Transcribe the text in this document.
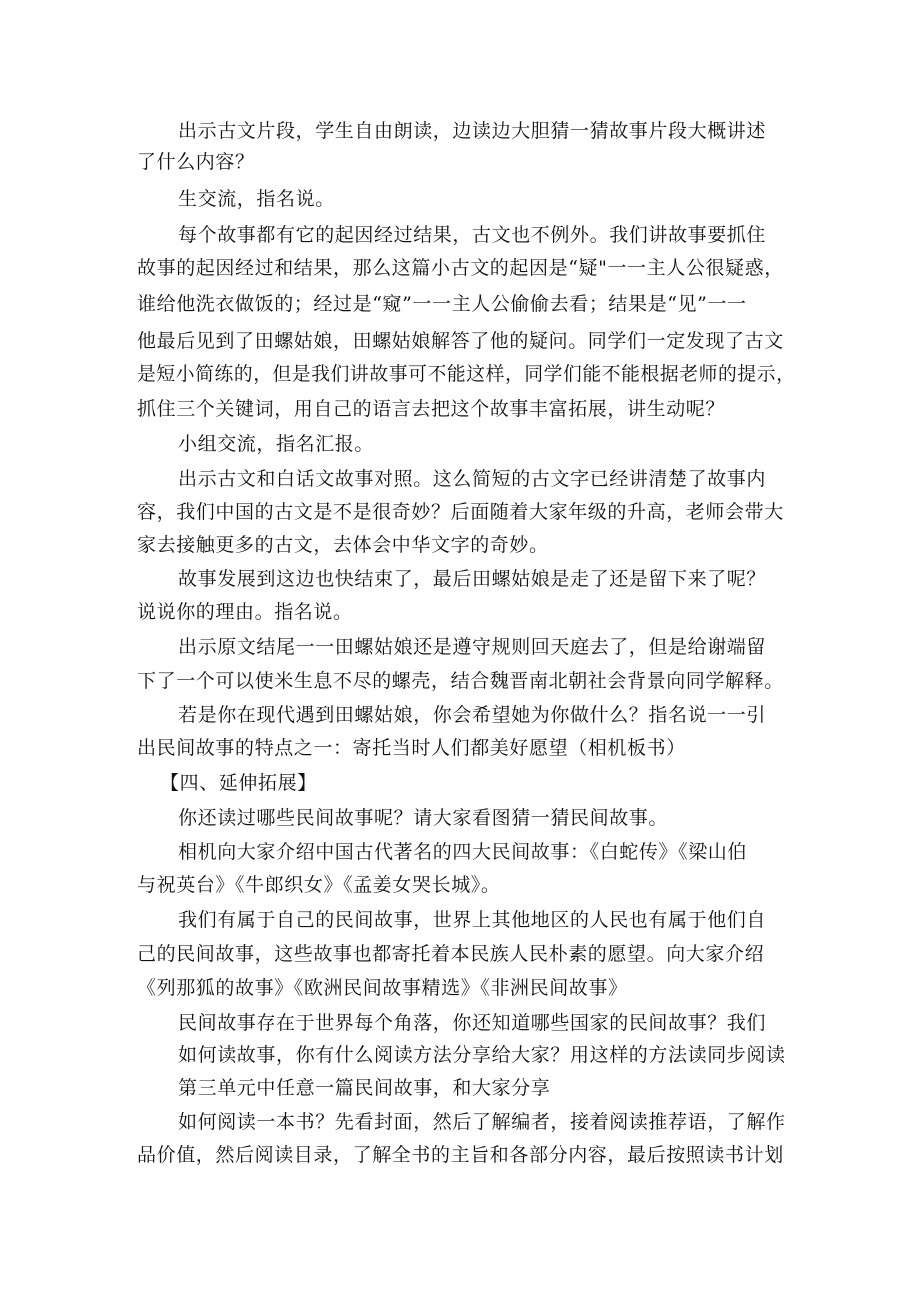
出示古文片段，学生自由朗读，边读边大胆猜一猜故事片段大概讲述
了什么内容？
生交流，指名说。
每个故事都有它的起因经过结果，古文也不例外。我们讲故事要抓住
故事的起因经过和结果，那么这篇小古文的起因是“疑"一一主人公很疑惑，
谁给他洗衣做饭的；经过是“窥”一一主人公偷偷去看；结果是“见”一一
他最后见到了田螺姑娘，田螺姑娘解答了他的疑问。同学们一定发现了古文
是短小简练的，但是我们讲故事可不能这样，同学们能不能根据老师的提示，
抓住三个关键词，用自己的语言去把这个故事丰富拓展，讲生动呢？
小组交流，指名汇报。
出示古文和白话文故事对照。这么简短的古文字已经讲清楚了故事内
容，我们中国的古文是不是很奇妙？后面随着大家年级的升高，老师会带大
家去接触更多的古文，去体会中华文字的奇妙。
故事发展到这边也快结束了，最后田螺姑娘是走了还是留下来了呢？
说说你的理由。指名说。
出示原文结尾一一田螺姑娘还是遵守规则回天庭去了，但是给谢端留
下了一个可以使米生息不尽的螺壳，结合魏晋南北朝社会背景向同学解释。
若是你在现代遇到田螺姑娘，你会希望她为你做什么？指名说一一引
出民间故事的特点之一：寄托当时人们都美好愿望（相机板书）
【四、延伸拓展】
你还读过哪些民间故事呢？请大家看图猜一猜民间故事。
相机向大家介绍中国古代著名的四大民间故事：《白蛇传》《梁山伯
与祝英台》《牛郎织女》《孟姜女哭长城》。
我们有属于自己的民间故事，世界上其他地区的人民也有属于他们自
己的民间故事，这些故事也都寄托着本民族人民朴素的愿望。向大家介绍
《列那狐的故事》《欧洲民间故事精选》《非洲民间故事》
民间故事存在于世界每个角落，你还知道哪些国家的民间故事？我们
如何读故事，你有什么阅读方法分享给大家？用这样的方法读同步阅读
第三单元中任意一篇民间故事，和大家分享
如何阅读一本书？先看封面，然后了解编者，接着阅读推荐语，了解作
品价值，然后阅读目录，了解全书的主旨和各部分内容，最后按照读书计划
